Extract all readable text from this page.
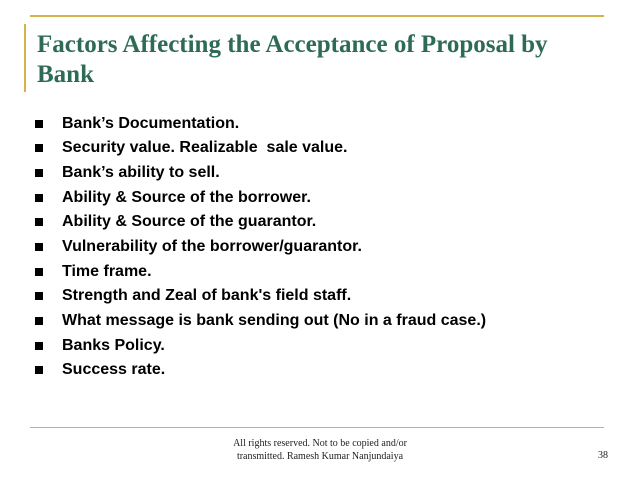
Factors Affecting the Acceptance of Proposal by Bank
Bank’s Documentation.
Security value. Realizable  sale value.
Bank’s ability to sell.
Ability & Source of the borrower.
Ability & Source of the guarantor.
Vulnerability of the borrower/guarantor.
Time frame.
Strength and Zeal of bank's field staff.
What message is bank sending out (No in a fraud case.)
Banks Policy.
Success rate.
All rights reserved. Not to be copied and/or
transmitted. Ramesh Kumar Nanjundaiya	38
